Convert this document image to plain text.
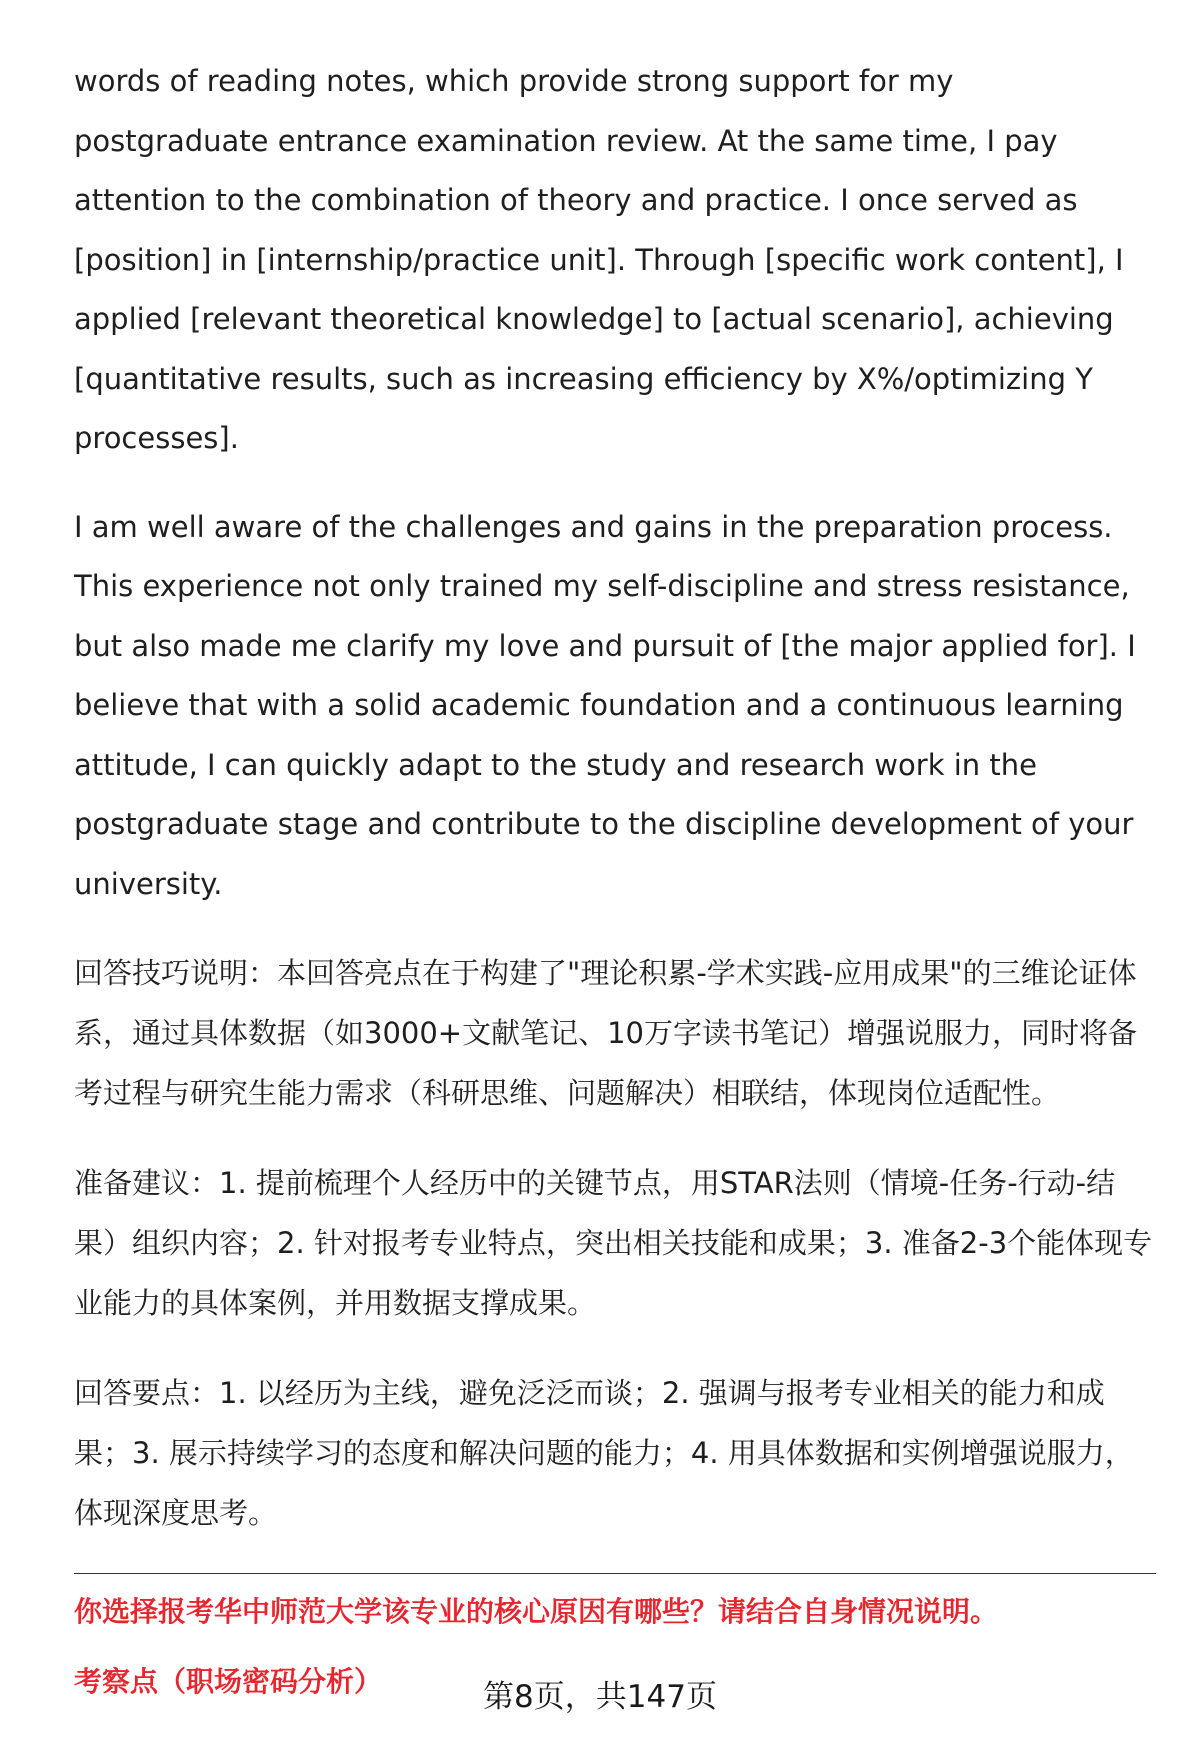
words of reading notes, which provide strong support for my postgraduate entrance examination review. At the same time, I pay attention to the combination of theory and practice. I once served as [position] in [internship/practice unit]. Through [specific work content], I applied [relevant theoretical knowledge] to [actual scenario], achieving [quantitative results, such as increasing efficiency by X%/optimizing Y processes].

I am well aware of the challenges and gains in the preparation process. This experience not only trained my self-discipline and stress resistance, but also made me clarify my love and pursuit of [the major applied for]. I believe that with a solid academic foundation and a continuous learning attitude, I can quickly adapt to the study and research work in the postgraduate stage and contribute to the discipline development of your university.

回答技巧说明：本回答亮点在于构建了"理论积累-学术实践-应用成果"的三维论证体系，通过具体数据（如3000+文献笔记、10万字读书笔记）增强说服力，同时将备考过程与研究生能力需求（科研思维、问题解决）相联结，体现岗位适配性。

准备建议：1. 提前梳理个人经历中的关键节点，用STAR法则（情境-任务-行动-结果）组织内容；2. 针对报考专业特点，突出相关技能和成果；3. 准备2-3个能体现专业能力的具体案例，并用数据支撑成果。

回答要点：1. 以经历为主线，避免泛泛而谈；2. 强调与报考专业相关的能力和成果；3. 展示持续学习的态度和解决问题的能力；4. 用具体数据和实例增强说服力，体现深度思考。

你选择报考华中师范大学该专业的核心原因有哪些？请结合自身情况说明。

考察点（职场密码分析）	第8页，共147页
